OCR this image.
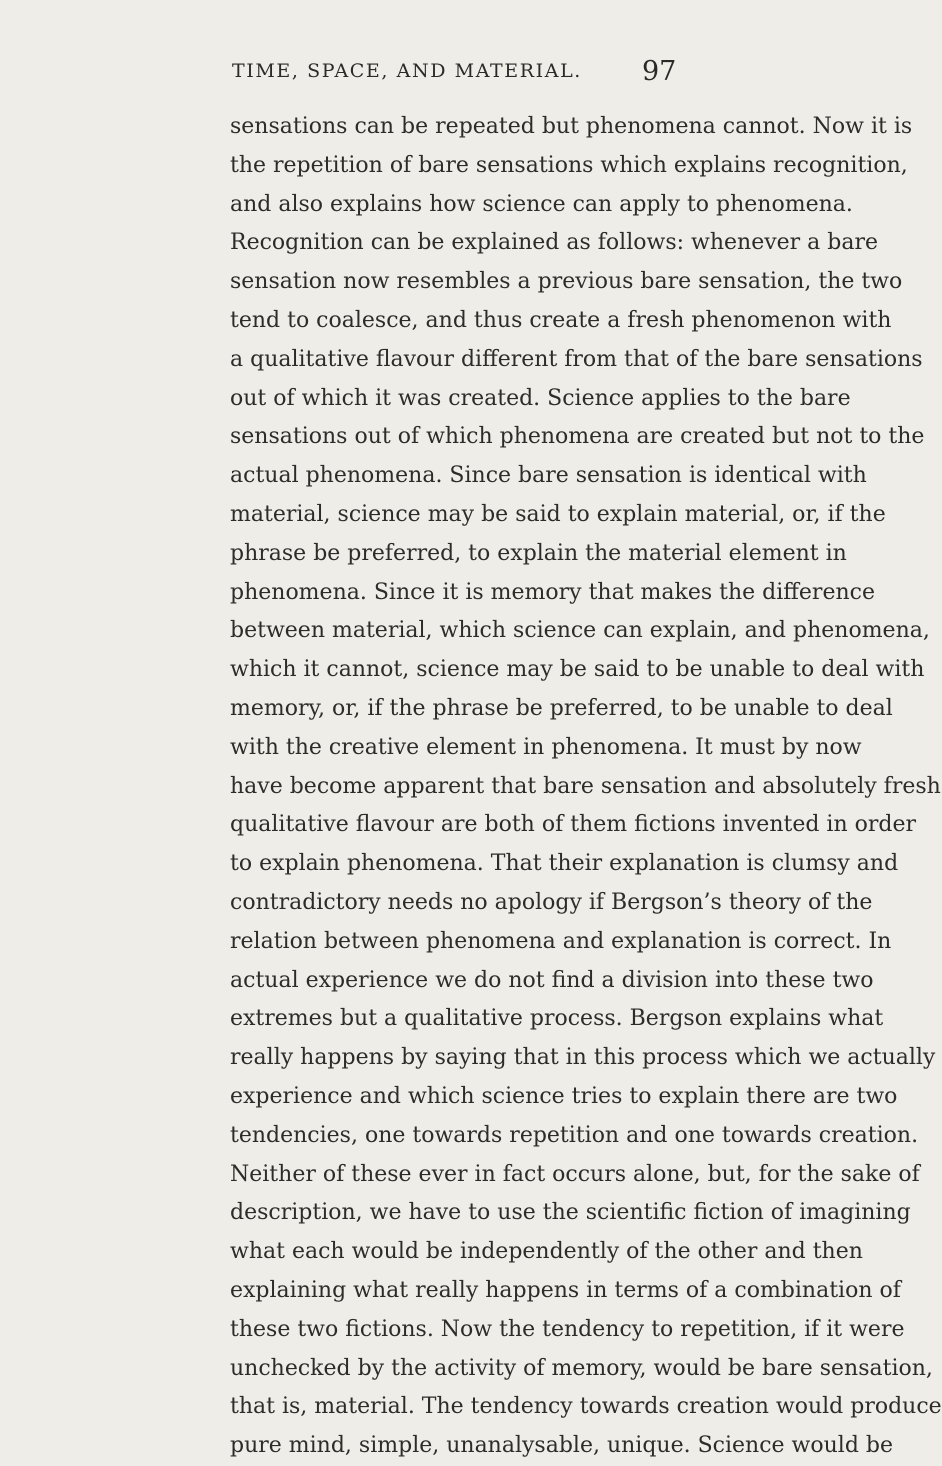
TIME, SPACE, AND MATERIAL. 97
sensations can be repeated but phenomena cannot. Now it is
the repetition of bare sensations which explains recognition,
and also explains how science can apply to phenomena.
Recognition can be explained as follows: whenever a bare
sensation now resembles a previous bare sensation, the two
tend to coalesce, and thus create a fresh phenomenon with
a qualitative flavour different from that of the bare sensations
out of which it was created. Science applies to the bare
sensations out of which phenomena are created but not to the
actual phenomena. Since bare sensation is identical with
material, science may be said to explain material, or, if the
phrase be preferred, to explain the material element in
phenomena. Since it is memory that makes the difference
between material, which science can explain, and phenomena,
which it cannot, science may be said to be unable to deal with
memory, or, if the phrase be preferred, to be unable to deal
with the creative element in phenomena. It must by now
have become apparent that bare sensation and absolutely fresh
qualitative flavour are both of them fictions invented in order
to explain phenomena. That their explanation is clumsy and
contradictory needs no apology if Bergson’s theory of the
relation between phenomena and explanation is correct. In
actual experience we do not find a division into these two
extremes but a qualitative process. Bergson explains what
really happens by saying that in this process which we actually
experience and which science tries to explain there are two
tendencies, one towards repetition and one towards creation.
Neither of these ever in fact occurs alone, but, for the sake of
description, we have to use the scientific fiction of imagining
what each would be independently of the other and then
explaining what really happens in terms of a combination of
these two fictions. Now the tendency to repetition, if it were
unchecked by the activity of memory, would be bare sensation,
that is, material. The tendency towards creation would produce
pure mind, simple, unanalysable, unique. Science would be
